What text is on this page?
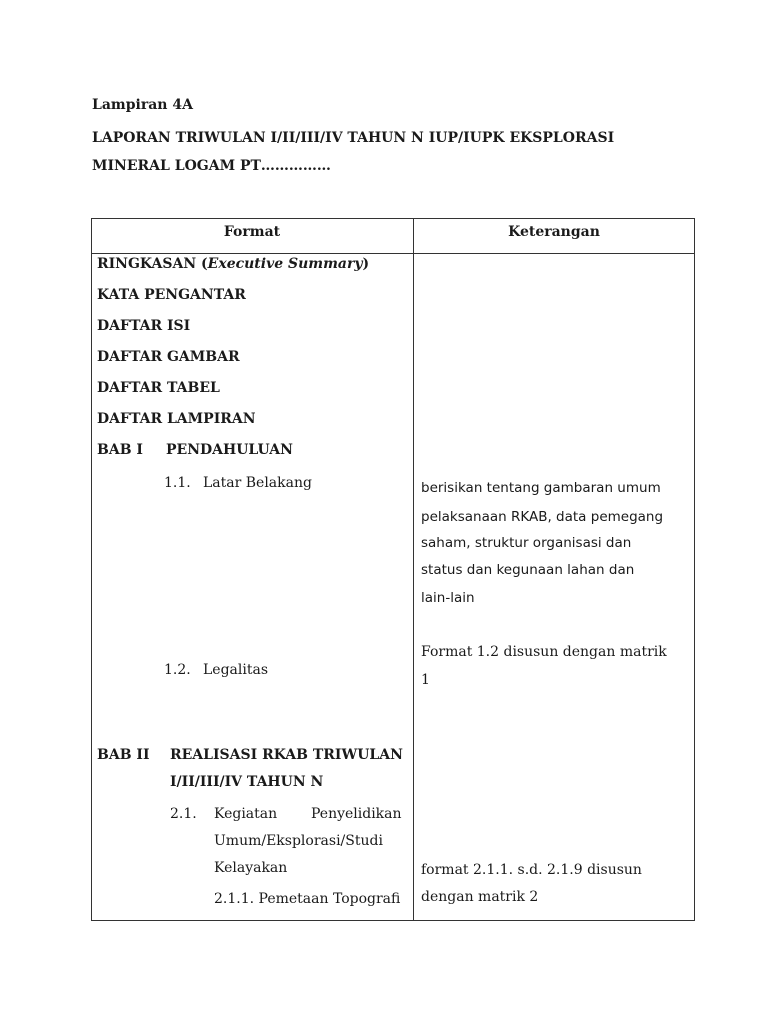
Lampiran 4A
LAPORAN TRIWULAN I/II/III/IV TAHUN N IUP/IUPK EKSPLORASI
MINERAL LOGAM PT……………
Format	Keterangan
RINGKASAN (Executive Summary)
KATA PENGANTAR
DAFTAR ISI
DAFTAR GAMBAR
DAFTAR TABEL
DAFTAR LAMPIRAN
BAB I PENDAHULUAN
1.1. Latar Belakang
1.2. Legalitas
BAB II REALISASI RKAB TRIWULAN
I/II/III/IV TAHUN N
2.1. Kegiatan Penyelidikan
Umum/Eksplorasi/Studi
Kelayakan
2.1.1. Pemetaan Topografi
berisikan tentang gambaran umum
pelaksanaan RKAB, data pemegang
saham, struktur organisasi dan
status dan kegunaan lahan dan
lain-lain
Format 1.2 disusun dengan matrik
1
format 2.1.1. s.d. 2.1.9 disusun
dengan matrik 2
